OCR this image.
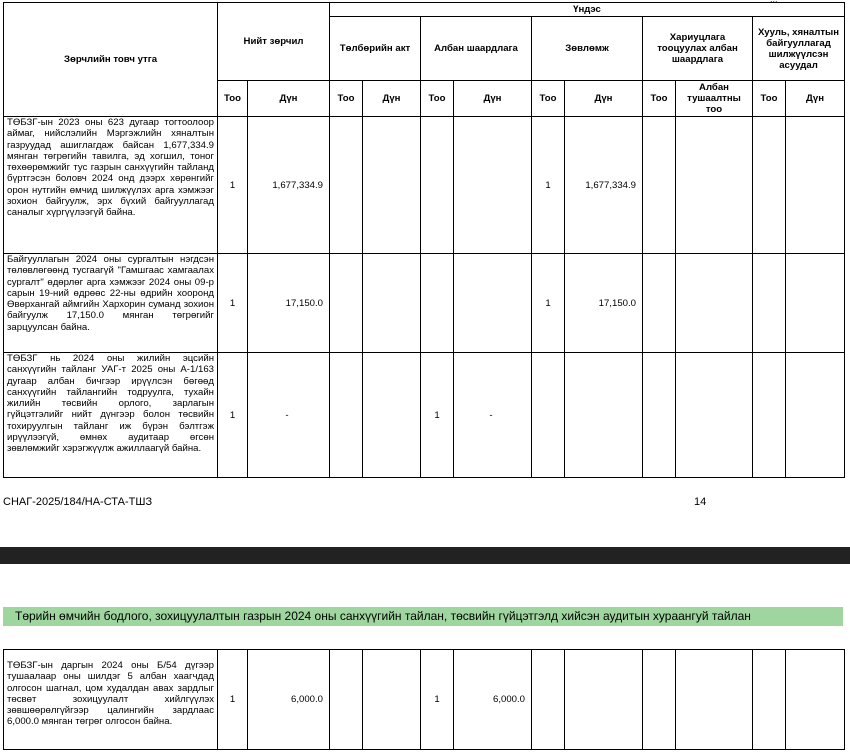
Зөрчлийн товч утга	Нийт зөрчил		Үндэс									
			Төлбөрийн акт		Албан шаардлага		Зөвлөмж		Хариуцлага тооцуулах албан шаардлага		Хууль, хяналтын байгууллагад шилжүүлсэн асуудал	
	Тоо	Дүн	Тоо	Дүн	Тоо	Дүн	Тоо	Дүн	Тоо	Албан тушаалтны тоо	Тоо	Дүн
ТӨБЗГ-ын 2023 оны 623 дугаар тогтоолоор аймаг, нийслэлийн Мэргэжлийн хяналтын газруудад ашиглагдаж байсан 1,677,334.9 мянган төгрөгийн тавилга, эд хогшил, тоног төхөөрөмжийг тус газрын санхүүгийн тайланд бүртгэсэн боловч 2024 онд дээрх хөрөнгийг орон нутгийн өмчид шилжүүлэх арга хэмжээг зохион байгуулж, эрх бүхий байгууллагад саналыг хүргүүлээгүй байна.	1	1,677,334.9					1	1,677,334.9				
Байгууллагын 2024 оны сургалтын нэгдсэн төлөвлөгөөнд тусгаагүй "Гамшгаас хамгаалах сургалт" өдөрлөг арга хэмжээг 2024 оны 09-р сарын 19-ний өдрөөс 22-ны өдрийн хооронд Өвөрхангай аймгийн Хархорин суманд зохион байгуулж 17,150.0 мянган төгрөгийг зарцуулсан байна.	1	17,150.0					1	17,150.0				
ТӨБЗГ нь 2024 оны жилийн эцсийн санхүүгийн тайланг УАГ-т 2025 оны А-1/163 дугаар албан бичгээр ирүүлсэн бөгөөд санхүүгийн тайлангийн тодруулга, тухайн жилийн төсвийн орлого, зарлагын гүйцэтгэлийг нийт дүнгээр болон төсвийн тохируулгын тайланг иж бүрэн бэлтгэж ирүүлээгүй, өмнөх аудитаар өгсөн зөвлөмжийг хэрэгжүүлж ажиллаагүй байна.	1	-			1	-						
СНАГ-2025/184/НА-СТА-ТШЗ	14
Төрийн өмчийн бодлого, зохицуулалтын газрын 2024 оны санхүүгийн тайлан, төсвийн гүйцэтгэлд хийсэн аудитын хураангуй тайлан
ТӨБЗГ-ын даргын 2024 оны Б/54 дүгээр тушаалаар оны шилдэг 5 албан хаагчдад олгосон шагнал, цом худалдан авах зардлыг төсвөт зохицуулалт хийлгүүлэх зөвшөөрөлгүйгээр цалингийн зардлаас 6,000.0 мянган төгрөг олгосон байна.	1	6,000.0			1	6,000.0						
